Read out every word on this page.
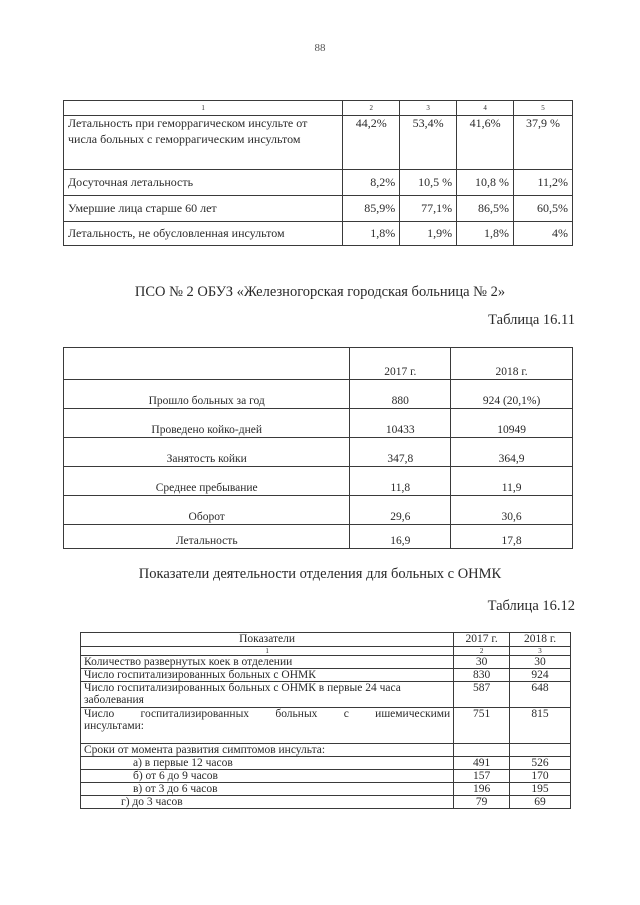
88
1	2	3	4	5
Летальность при геморрагическом инсульте от числа больных с геморрагическим инсультом	44,2%	53,4%	41,6%	37,9 %
Досуточная летальность	8,2%	10,5 %	10,8 %	11,2%
Умершие лица старше 60 лет	85,9%	77,1%	86,5%	60,5%
Летальность, не обусловленная инсультом	1,8%	1,9%	1,8%	4%
ПСО № 2 ОБУЗ «Железногорская городская больница № 2»
Таблица 16.11
	2017 г.	2018 г.
Прошло больных за год	880	924 (20,1%)
Проведено койко-дней	10433	10949
Занятость койки	347,8	364,9
Среднее пребывание	11,8	11,9
Оборот	29,6	30,6
Летальность	16,9	17,8
Показатели деятельности отделения для больных с ОНМК
Таблица 16.12
Показатели	2017 г.	2018 г.
1	2	3
Количество развернутых коек в отделении	30	30
Число госпитализированных больных с ОНМК	830	924
Число госпитализированных больных с ОНМК в первые 24 часа заболевания	587	648

Число госпитализированных больных с ишемическими
инсультами:	751	815
Сроки от момента развития симптомов инсульта:		
а) в первые 12 часов	491	526
б) от 6 до 9 часов	157	170
в) от 3 до 6 часов	196	195
г) до 3 часов	79	69
